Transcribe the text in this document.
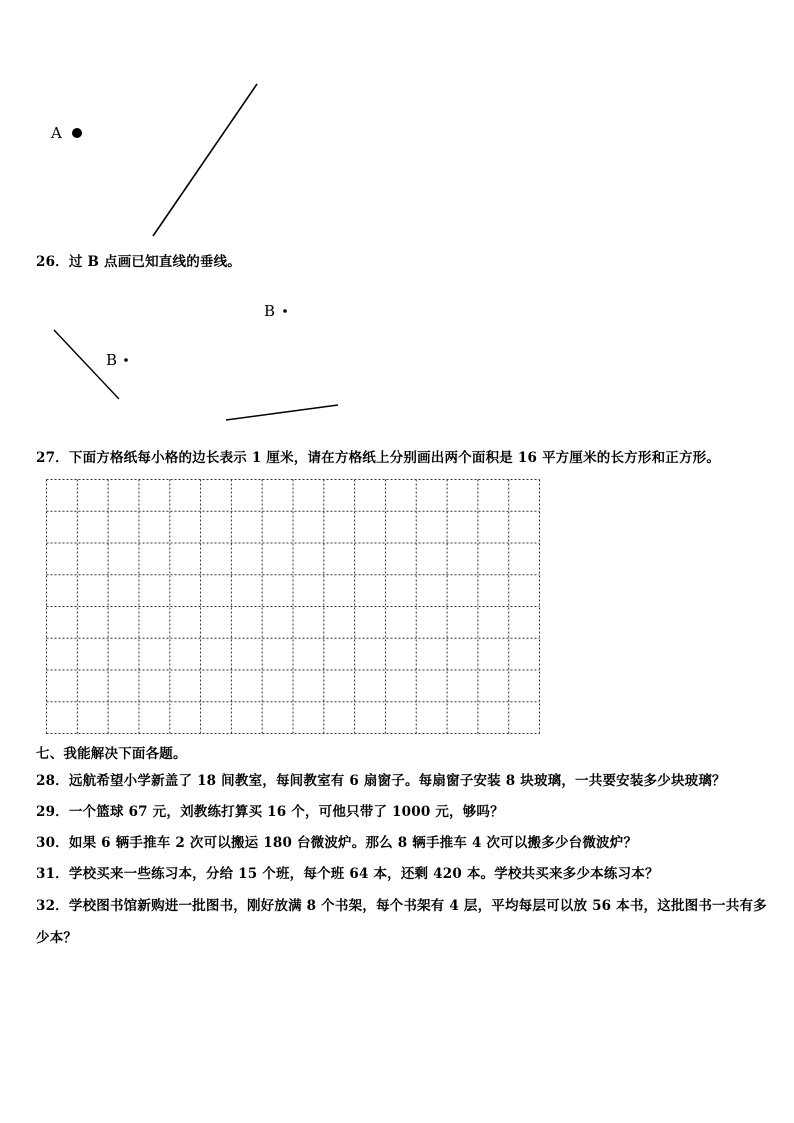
A
26．过 B 点画已知直线的垂线。
B
B
27．下面方格纸每小格的边长表示 1 厘米，请在方格纸上分别画出两个面积是 16 平方厘米的长方形和正方形。
七、我能解决下面各题。
28．远航希望小学新盖了 18 间教室，每间教室有 6 扇窗子。每扇窗子安装 8 块玻璃，一共要安装多少块玻璃？
29．一个篮球 67 元，刘教练打算买 16 个，可他只带了 1000 元，够吗？
30．如果 6 辆手推车 2 次可以搬运 180 台微波炉。那么 8 辆手推车 4 次可以搬多少台微波炉？
31．学校买来一些练习本，分给 15 个班，每个班 64 本，还剩 420 本。学校共买来多少本练习本？
32．学校图书馆新购进一批图书，刚好放满 8 个书架，每个书架有 4 层，平均每层可以放 56 本书，这批图书一共有多
少本？
